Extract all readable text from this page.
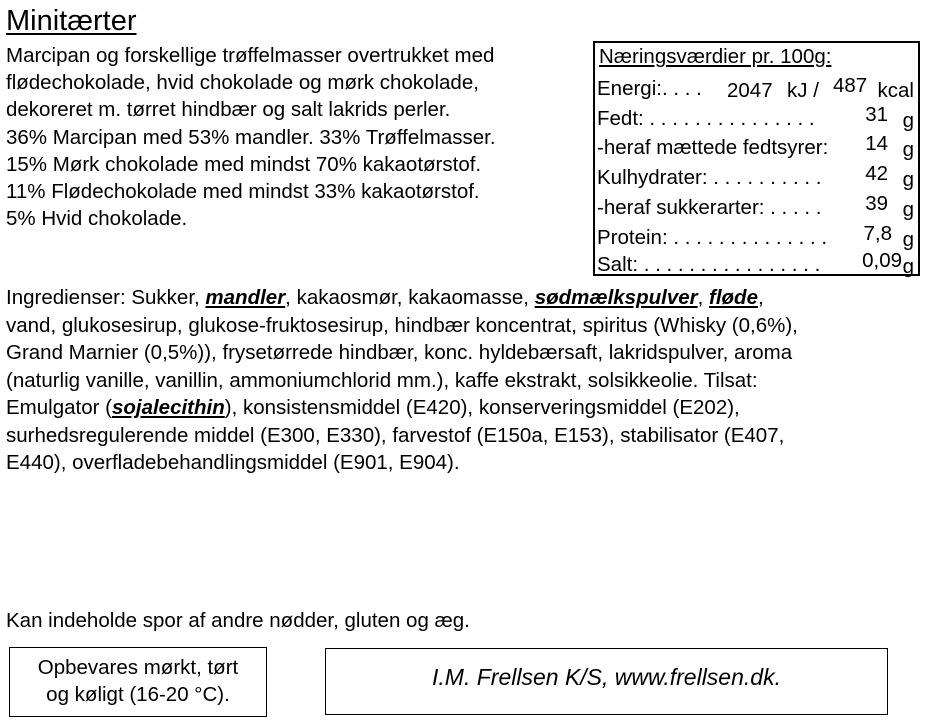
Minitærter
Marcipan og forskellige trøffelmasser overtrukket med
flødechokolade, hvid chokolade og mørk chokolade,
dekoreret m. tørret hindbær og salt lakrids perler.
36% Marcipan med 53% mandler. 33% Trøffelmasser.
15% Mørk chokolade med mindst 70% kakaotørstof.
11% Flødechokolade med mindst 33% kakaotørstof.
5% Hvid chokolade.
Næringsværdier pr. 100g:
Energi:. . . . 2047 kJ / 487 kcal
Fedt: . . . . . . . . . . . . . . . 31 g
-heraf mættede fedtsyrer: 14 g
Kulhydrater: . . . . . . . . . . 42 g
-heraf sukkerarter: . . . . . 39 g
Protein: . . . . . . . . . . . . . . 7,8 g
Salt: . . . . . . . . . . . . . . . . 0,09 g
Ingredienser: Sukker, mandler, kakaosmør, kakaomasse, sødmælkspulver, fløde,
vand, glukosesirup, glukose-fruktosesirup, hindbær koncentrat, spiritus (Whisky (0,6%),
Grand Marnier (0,5%)), frysetørrede hindbær, konc. hyldebærsaft, lakridspulver, aroma
(naturlig vanille, vanillin, ammoniumchlorid mm.), kaffe ekstrakt, solsikkeolie. Tilsat:
Emulgator (sojalecithin), konsistensmiddel (E420), konserveringsmiddel (E202),
surhedsregulerende middel (E300, E330), farvestof (E150a, E153), stabilisator (E407,
E440), overfladebehandlingsmiddel (E901, E904).
Kan indeholde spor af andre nødder, gluten og æg.
Opbevares mørkt, tørt
og køligt (16-20 °C).
I.M. Frellsen K/S, www.frellsen.dk.
